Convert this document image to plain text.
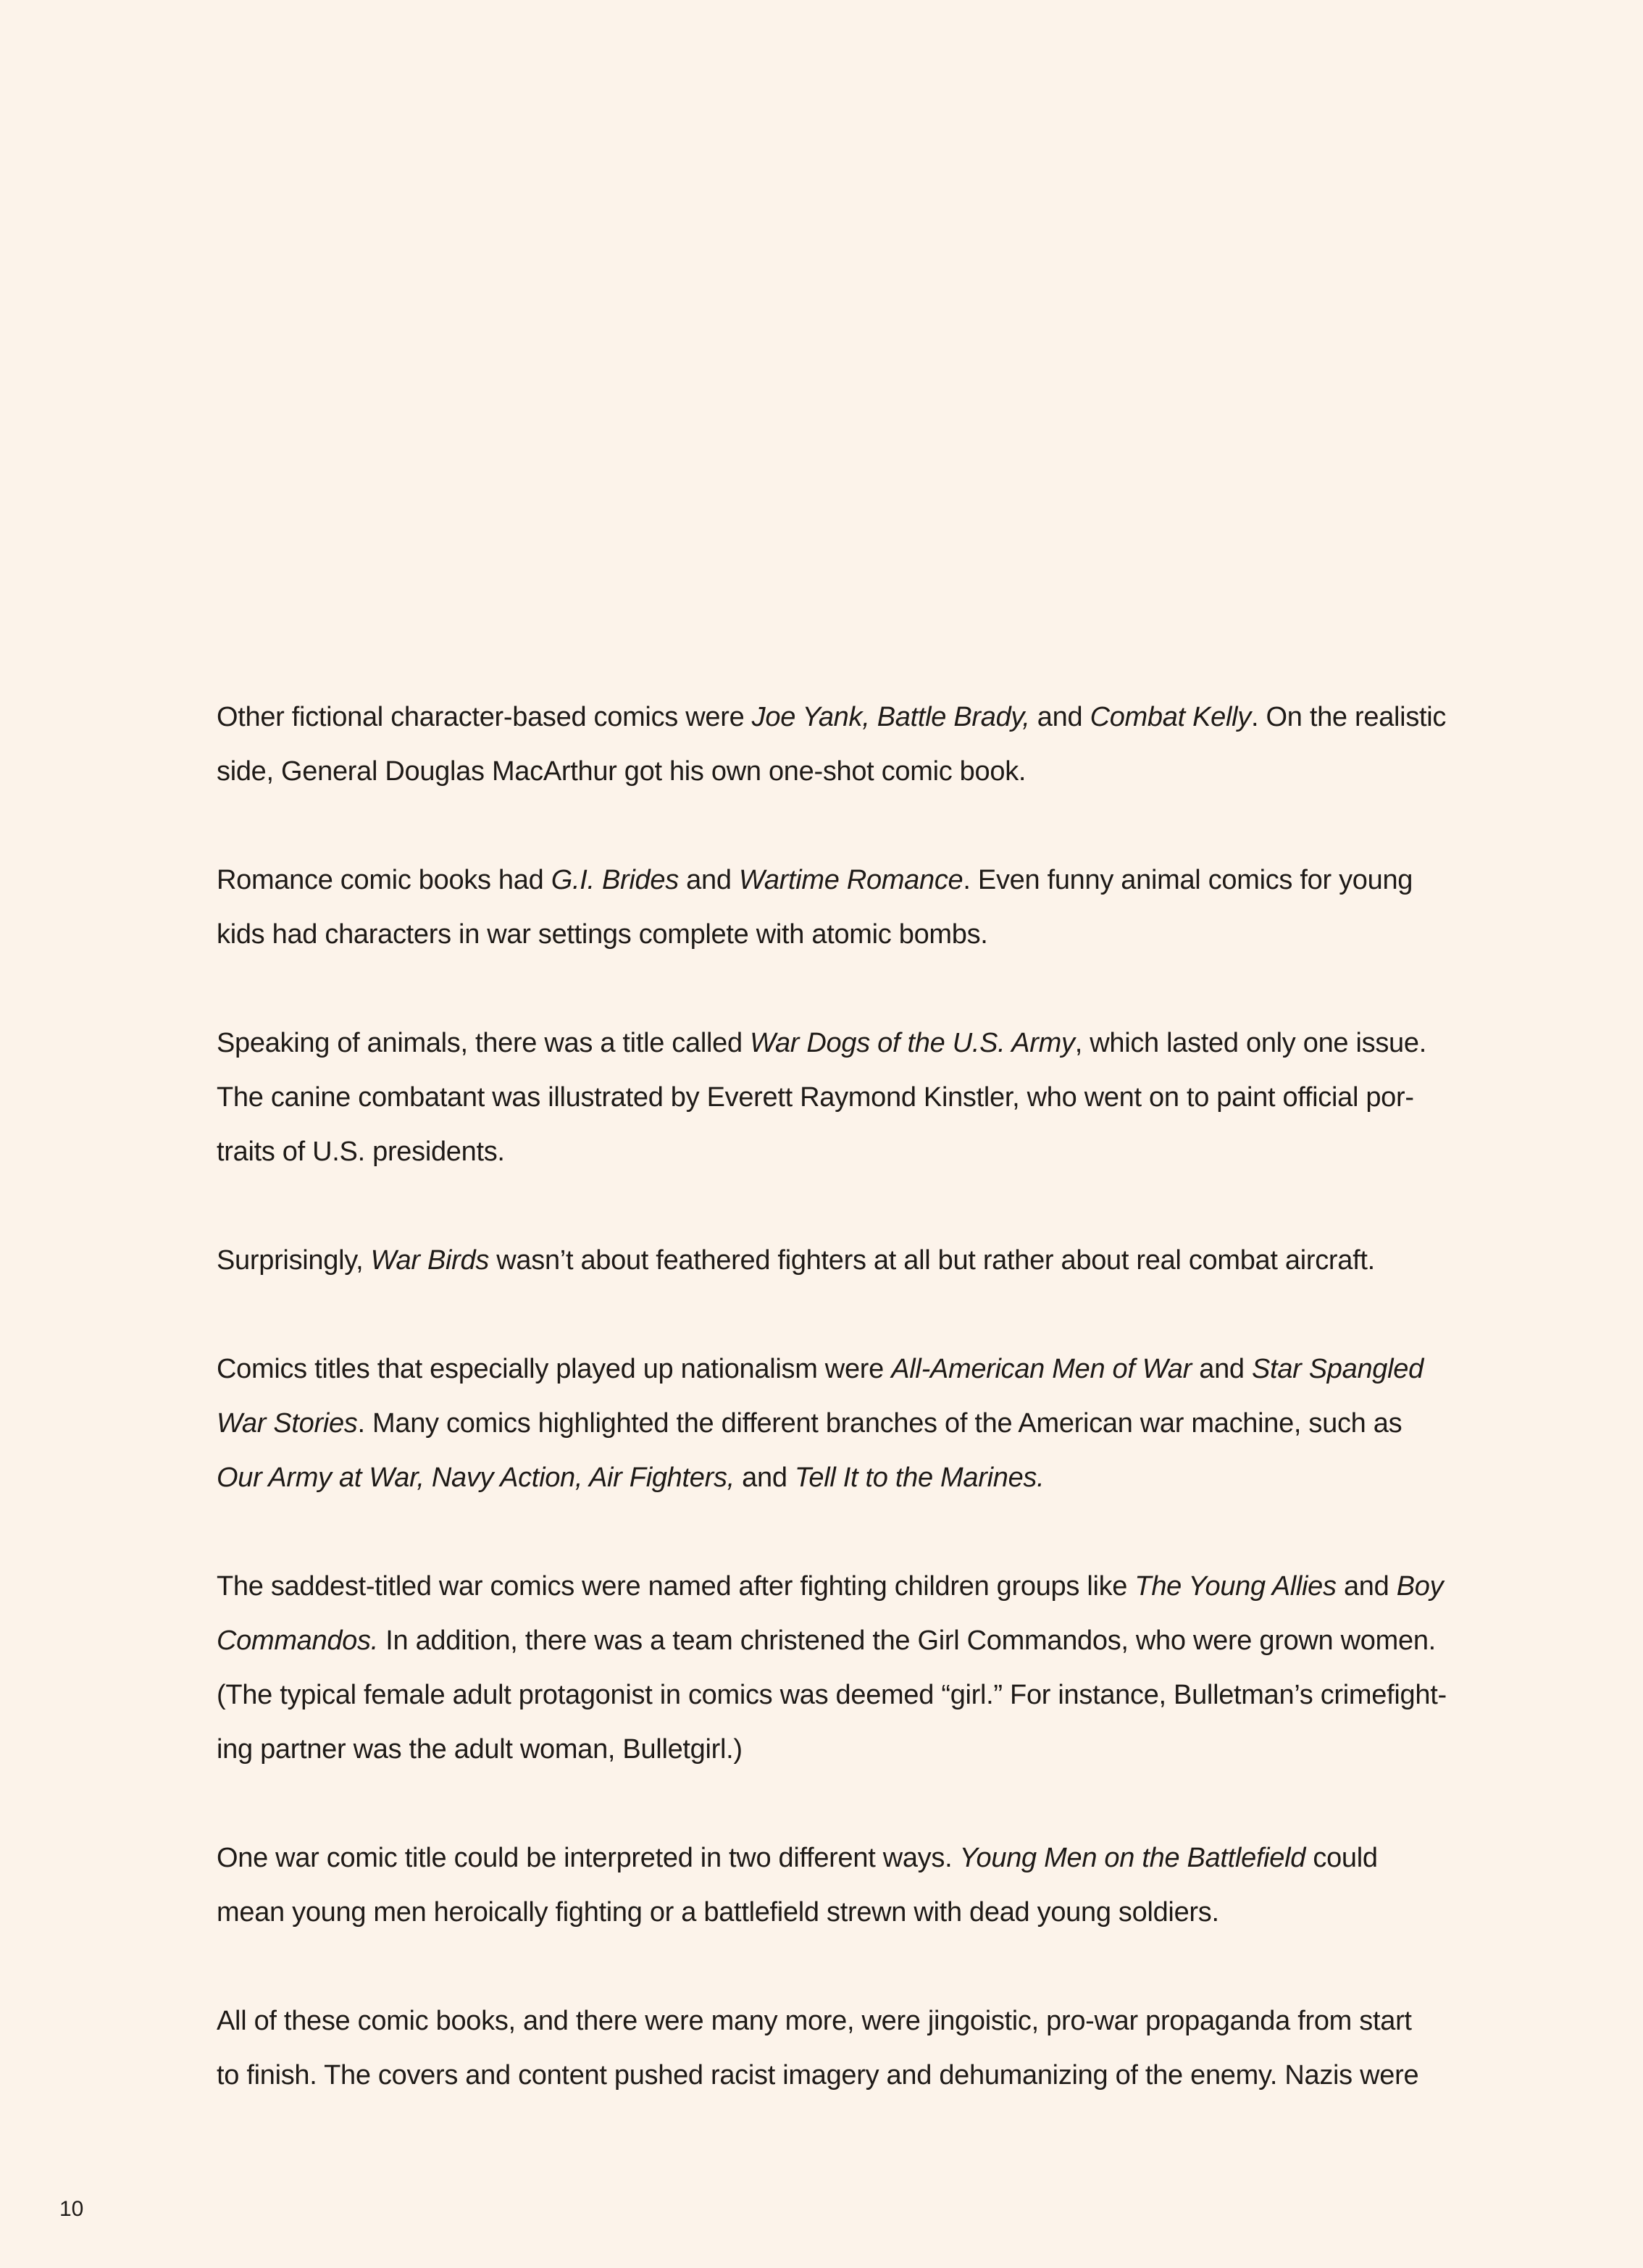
Other fictional character-based comics were Joe Yank, Battle Brady, and Combat Kelly. On the realistic
side, General Douglas MacArthur got his own one-shot comic book.

Romance comic books had G.I. Brides and Wartime Romance. Even funny animal comics for young
kids had characters in war settings complete with atomic bombs.

Speaking of animals, there was a title called War Dogs of the U.S. Army, which lasted only one issue.
The canine combatant was illustrated by Everett Raymond Kinstler, who went on to paint official por-
traits of U.S. presidents.

Surprisingly, War Birds wasn’t about feathered fighters at all but rather about real combat aircraft.

Comics titles that especially played up nationalism were All-American Men of War and Star Spangled
War Stories. Many comics highlighted the different branches of the American war machine, such as
Our Army at War, Navy Action, Air Fighters, and Tell It to the Marines.

The saddest-titled war comics were named after fighting children groups like The Young Allies and Boy
Commandos. In addition, there was a team christened the Girl Commandos, who were grown women.
(The typical female adult protagonist in comics was deemed “girl.” For instance, Bulletman’s crimefight-
ing partner was the adult woman, Bulletgirl.)

One war comic title could be interpreted in two different ways. Young Men on the Battlefield could
mean young men heroically fighting or a battlefield strewn with dead young soldiers.

All of these comic books, and there were many more, were jingoistic, pro-war propaganda from start
to finish. The covers and content pushed racist imagery and dehumanizing of the enemy. Nazis were

10
